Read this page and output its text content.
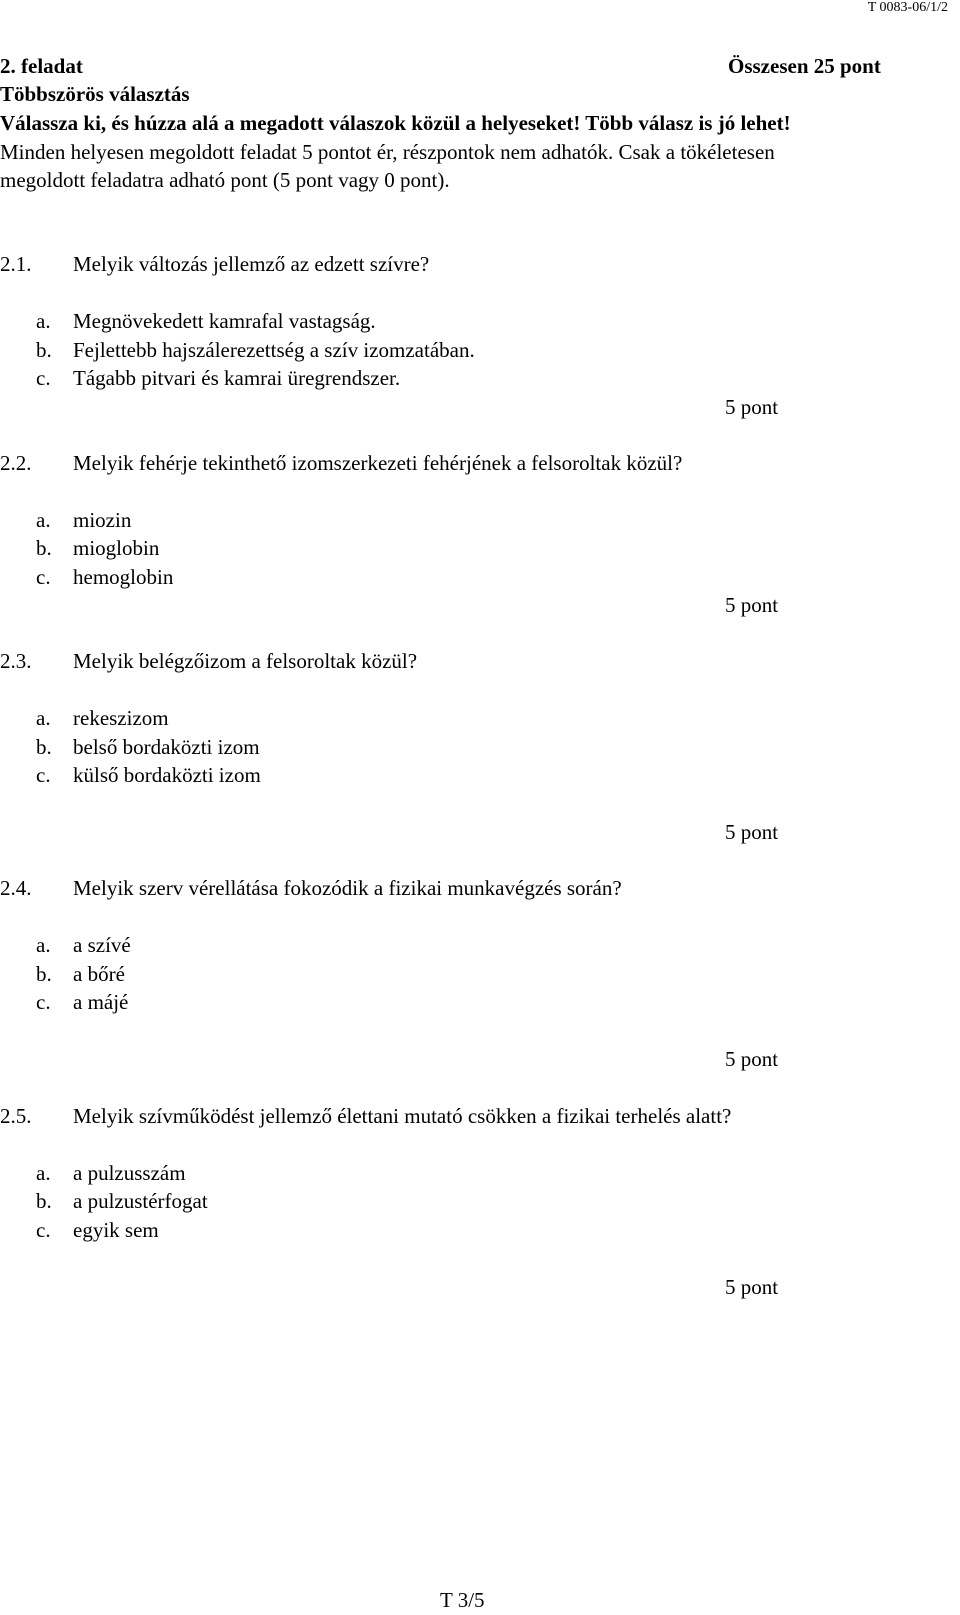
T 0083-06/1/2
2. feladat	Összesen 25 pont
Többszörös választás
Válassza ki, és húzza alá a megadott válaszok közül a helyeseket! Több válasz is jó lehet!
Minden helyesen megoldott feladat 5 pontot ér, részpontok nem adhatók. Csak a tökéletesen
megoldott feladatra adható pont (5 pont vagy 0 pont).
2.1. Melyik változás jellemző az edzett szívre?
a. Megnövekedett kamrafal vastagság.
b. Fejlettebb hajszálerezettség a szív izomzatában.
c. Tágabb pitvari és kamrai üregrendszer.
5 pont
2.2. Melyik fehérje tekinthető izomszerkezeti fehérjének a felsoroltak közül?
a. miozin
b. mioglobin
c. hemoglobin
5 pont
2.3. Melyik belégzőizom a felsoroltak közül?
a. rekeszizom
b. belső bordaközti izom
c. külső bordaközti izom
5 pont
2.4. Melyik szerv vérellátása fokozódik a fizikai munkavégzés során?
a. a szívé
b. a bőré
c. a májé
5 pont
2.5. Melyik szívműködést jellemző élettani mutató csökken a fizikai terhelés alatt?
a. a pulzusszám
b. a pulzustérfogat
c. egyik sem
5 pont
T 3/5
